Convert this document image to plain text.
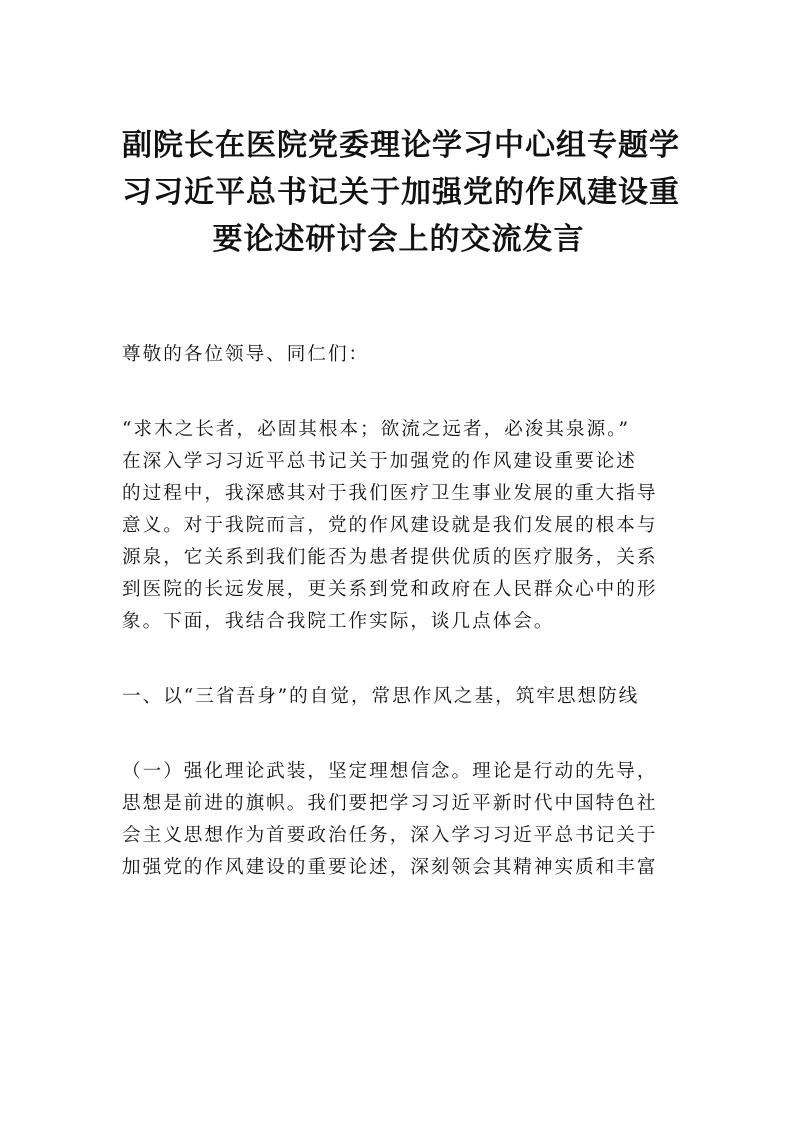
副院长在医院党委理论学习中心组专题学
习习近平总书记关于加强党的作风建设重
要论述研讨会上的交流发言

尊敬的各位领导、同仁们：

“求木之长者，必固其根本；欲流之远者，必浚其泉源。”
在深入学习习近平总书记关于加强党的作风建设重要论述
的过程中，我深感其对于我们医疗卫生事业发展的重大指导
意义。对于我院而言，党的作风建设就是我们发展的根本与
源泉，它关系到我们能否为患者提供优质的医疗服务，关系
到医院的长远发展，更关系到党和政府在人民群众心中的形
象。下面，我结合我院工作实际，谈几点体会。

一、以“三省吾身”的自觉，常思作风之基，筑牢思想防线

（一）强化理论武装，坚定理想信念。理论是行动的先导，
思想是前进的旗帜。我们要把学习习近平新时代中国特色社
会主义思想作为首要政治任务，深入学习习近平总书记关于
加强党的作风建设的重要论述，深刻领会其精神实质和丰富
